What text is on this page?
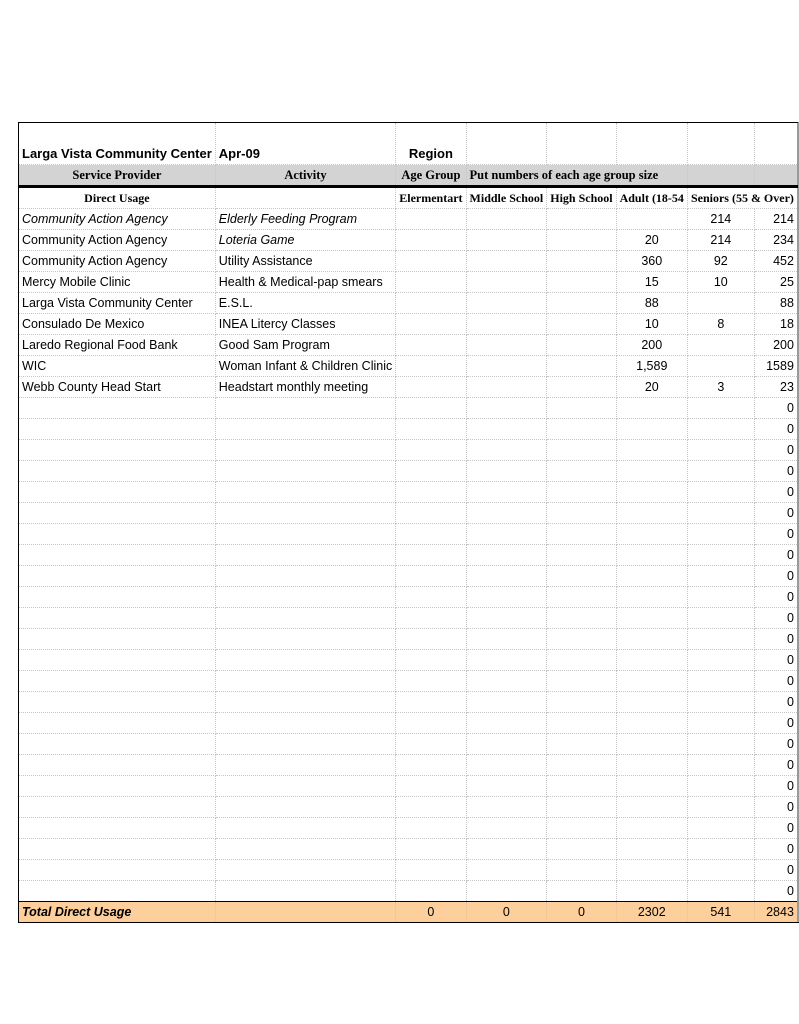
Larga Vista Community Center	Apr-09	Region						
Service Provider	Activity	Age Group	Put numbers of each age group size					
Direct Usage		Elermentart	Middle School	High School	Adult (18-54	Seniors (55 & Over)		
Community Action Agency	Elderly Feeding Program					214	214	
Community Action Agency	Loteria Game				20	214	234	
Community Action Agency	Utility Assistance				360	92	452	
Mercy Mobile Clinic	Health & Medical-pap smears				15	10	25	
Larga Vista Community Center	E.S.L.				88		88	
Consulado De Mexico	INEA Litercy Classes				10	8	18	
Laredo Regional Food Bank	Good Sam Program				200		200	
WIC	Woman Infant & Children Clinic				1,589		1589	
Webb County Head Start	Headstart monthly meeting				20	3	23	
							0	
							0	
							0	
							0	
							0	
							0	
							0	
							0	
							0	
							0	
							0	
							0	
							0	
							0	
							0	
							0	
							0	
							0	
							0	
							0	
							0	
							0	
							0	
							0	
Total Direct Usage		0	0	0	2302	541	2843	
